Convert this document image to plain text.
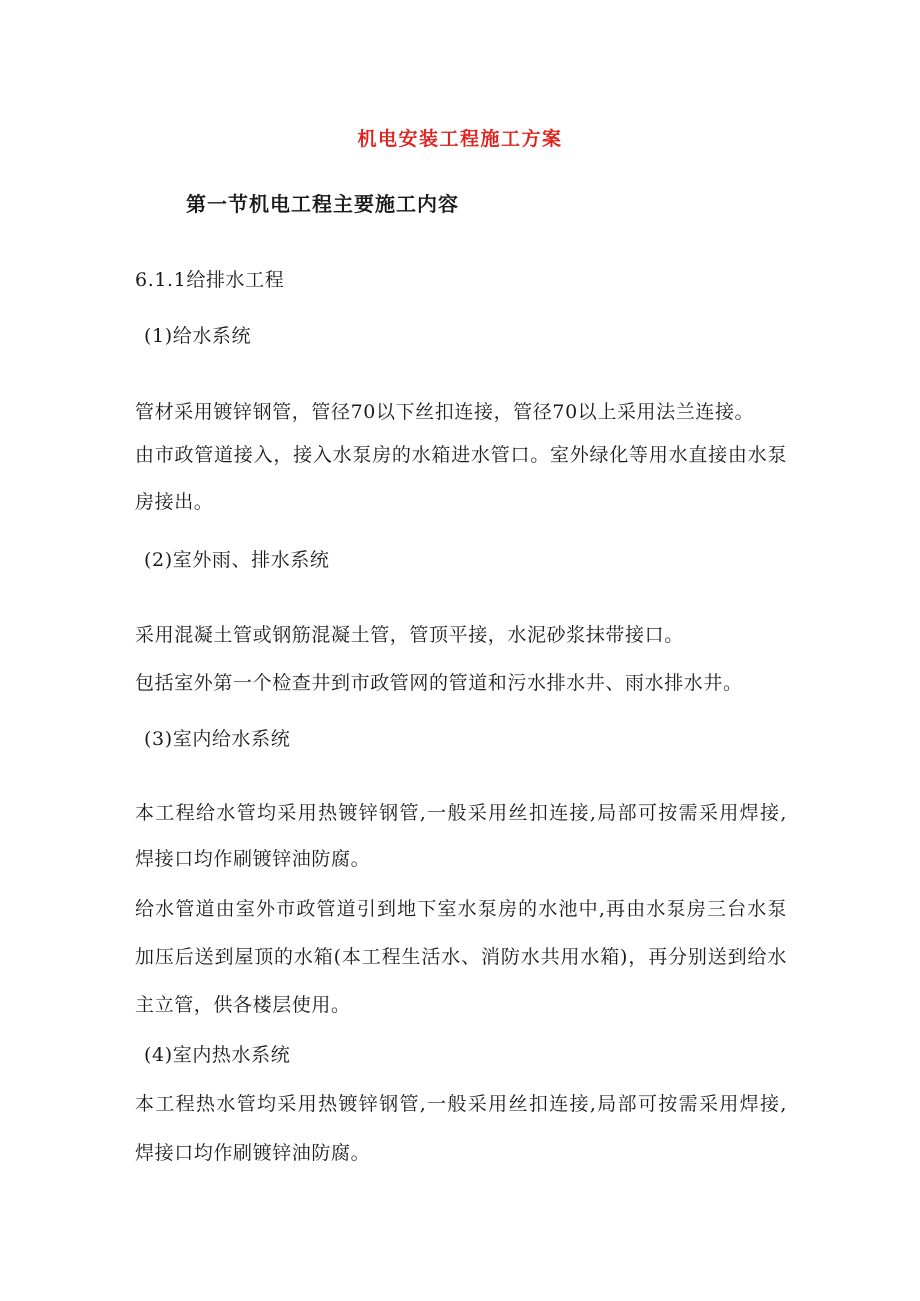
机电安装工程施工方案
第一节机电工程主要施工内容
6.1.1给排水工程
(1)给水系统
管材采用镀锌钢管，管径70以下丝扣连接，管径70以上采用法兰连接。
由市政管道接入，接入水泵房的水箱进水管口。室外绿化等用水直接由水泵
房接出。
(2)室外雨、排水系统
采用混凝土管或钢筋混凝土管，管顶平接，水泥砂浆抹带接口。
包括室外第一个检查井到市政管网的管道和污水排水井、雨水排水井。
(3)室内给水系统
本工程给水管均采用热镀锌钢管,一般采用丝扣连接,局部可按需采用焊接,
焊接口均作刷镀锌油防腐。
给水管道由室外市政管道引到地下室水泵房的水池中,再由水泵房三台水泵
加压后送到屋顶的水箱(本工程生活水、消防水共用水箱)，再分别送到给水
主立管，供各楼层使用。
(4)室内热水系统
本工程热水管均采用热镀锌钢管,一般采用丝扣连接,局部可按需采用焊接,
焊接口均作刷镀锌油防腐。
